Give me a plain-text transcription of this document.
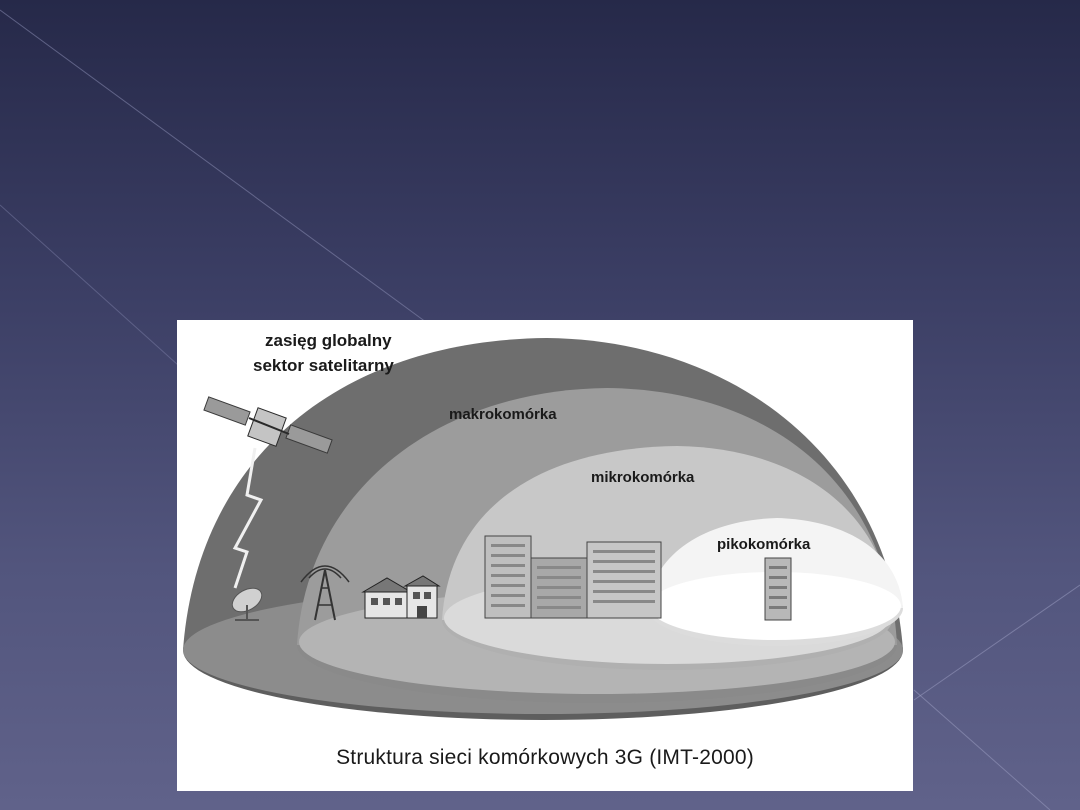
zasięg globalny
sektor satelitarny
makrokomórka
mikrokomórka
pikokomórka
Struktura sieci komórkowych 3G (IMT-2000)
